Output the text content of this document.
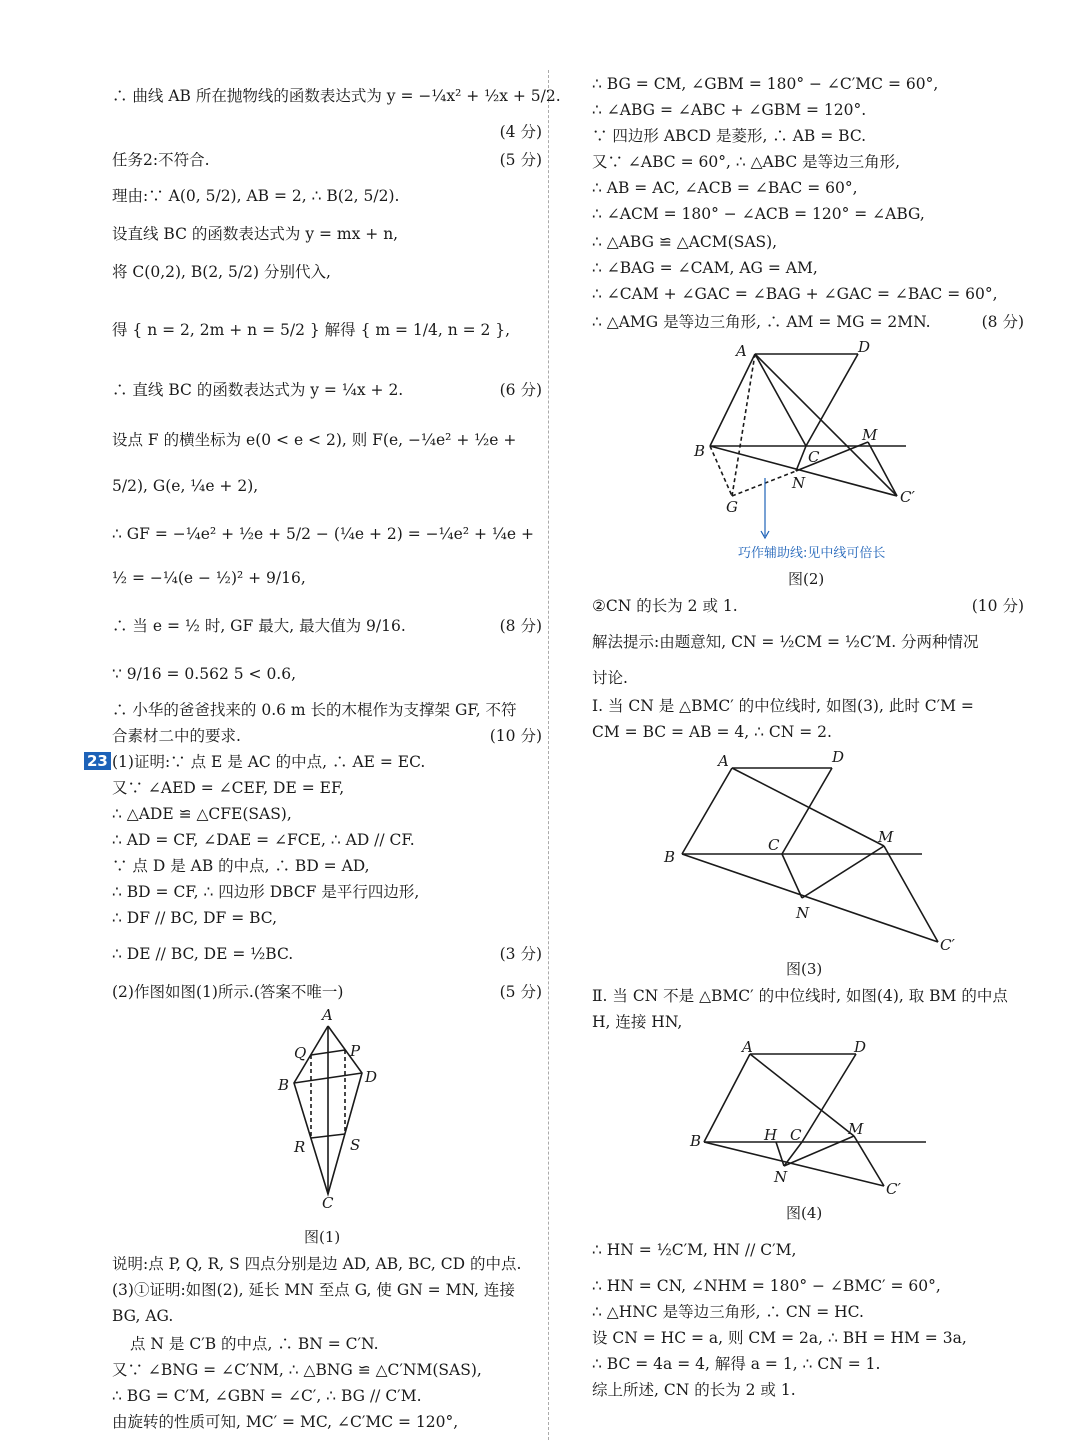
∴ 曲线 AB 所在抛物线的函数表达式为 y = −¼x² + ½x + 5/2.
(4 分)
任务2:不符合.	(5 分)
理由:∵ A(0, 5/2), AB = 2, ∴ B(2, 5/2).
设直线 BC 的函数表达式为 y = mx + n,
将 C(0,2), B(2, 5/2) 分别代入,
得 { n = 2, 2m + n = 5/2 } 解得 { m = 1/4, n = 2 },
∴ 直线 BC 的函数表达式为 y = ¼x + 2.	(6 分)
设点 F 的横坐标为 e(0 < e < 2), 则 F(e, −¼e² + ½e +
5/2), G(e, ¼e + 2),
∴ GF = −¼e² + ½e + 5/2 − (¼e + 2) = −¼e² + ¼e +
½ = −¼(e − ½)² + 9/16,
∴ 当 e = ½ 时, GF 最大, 最大值为 9/16.	(8 分)
∵ 9/16 = 0.562 5 < 0.6,
∴ 小华的爸爸找来的 0.6 m 长的木棍作为支撑架 GF, 不符
合素材二中的要求.	(10 分)
23 (1)证明:∵ 点 E 是 AC 的中点, ∴ AE = EC.
又∵ ∠AED = ∠CEF, DE = EF,
∴ △ADE ≌ △CFE(SAS),
∴ AD = CF, ∠DAE = ∠FCE, ∴ AD // CF.
∵ 点 D 是 AB 的中点, ∴ BD = AD,
∴ BD = CF, ∴ 四边形 DBCF 是平行四边形,
∴ DF // BC, DF = BC,
∴ DE // BC, DE = ½BC.	(3 分)
(2)作图如图(1)所示.(答案不唯一)	(5 分)
A
Q	P
B	D
R	S
C
图(1)
说明:点 P, Q, R, S 四点分别是边 AD, AB, BC, CD 的中点.
(3)①证明:如图(2), 延长 MN 至点 G, 使 GN = MN, 连接
BG, AG.
点 N 是 C′B 的中点, ∴ BN = C′N.
又∵ ∠BNG = ∠C′NM, ∴ △BNG ≌ △C′NM(SAS),
∴ BG = C′M, ∠GBN = ∠C′, ∴ BG // C′M.
由旋转的性质可知, MC′ = MC, ∠C′MC = 120°,
∴ BG = CM, ∠GBM = 180° − ∠C′MC = 60°,
∴ ∠ABG = ∠ABC + ∠GBM = 120°.
∵ 四边形 ABCD 是菱形, ∴ AB = BC.
又∵ ∠ABC = 60°, ∴ △ABC 是等边三角形,
∴ AB = AC, ∠ACB = ∠BAC = 60°,
∴ ∠ACM = 180° − ∠ACB = 120° = ∠ABG,
∴ △ABG ≌ △ACM(SAS),
∴ ∠BAG = ∠CAM, AG = AM,
∴ ∠CAM + ∠GAC = ∠BAG + ∠GAC = ∠BAC = 60°,
∴ △AMG 是等边三角形, ∴ AM = MG = 2MN.	(8 分)
A	D
B	C
M
N
G
C′
巧作辅助线:见中线可倍长
图(2)
②CN 的长为 2 或 1.	(10 分)
解法提示:由题意知, CN = ½CM = ½C′M. 分两种情况
讨论.
Ⅰ. 当 CN 是 △BMC′ 的中位线时, 如图(3), 此时 C′M =
CM = BC = AB = 4, ∴ CN = 2.
A	D
B
C	M
N
C′
图(3)
Ⅱ. 当 CN 不是 △BMC′ 的中位线时, 如图(4), 取 BM 的中点
H, 连接 HN,
A	D
B	H C	M
N
C′
图(4)
∴ HN = ½C′M, HN // C′M,
∴ HN = CN, ∠NHM = 180° − ∠BMC′ = 60°,
∴ △HNC 是等边三角形, ∴ CN = HC.
设 CN = HC = a, 则 CM = 2a, ∴ BH = HM = 3a,
∴ BC = 4a = 4, 解得 a = 1, ∴ CN = 1.
综上所述, CN 的长为 2 或 1.
